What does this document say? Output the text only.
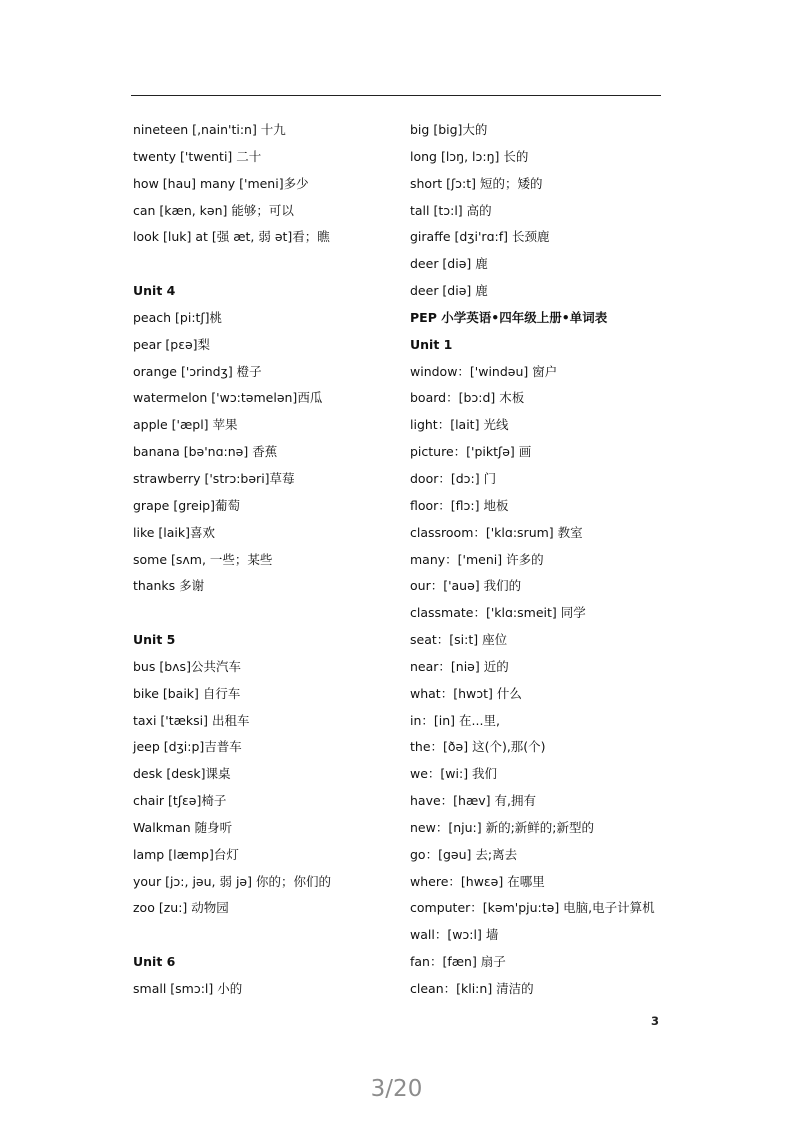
nineteen [,nain'ti:n] 十九
twenty ['twenti] 二十
how [hau] many ['meni]多少
can [kæn, kən] 能够；可以
look [luk] at [强 æt, 弱 ət]看；瞧
Unit 4
peach [pi:tʃ]桃
pear [pɛə]梨
orange ['ɔrindʒ] 橙子
watermelon ['wɔ:təmelən]西瓜
apple ['æpl] 苹果
banana [bə'nɑ:nə] 香蕉
strawberry ['strɔ:bəri]草莓
grape [greip]葡萄
like [laik]喜欢
some [sʌm, 一些；某些
thanks 多谢
Unit 5
bus [bʌs]公共汽车
bike [baik] 自行车
taxi ['tæksi] 出租车
jeep [dʒi:p]吉普车
desk [desk]课桌
chair [tʃɛə]椅子
Walkman 随身听
lamp [læmp]台灯
your [jɔ:, jəu, 弱 jə] 你的；你们的
zoo [zu:] 动物园
Unit 6
small [smɔ:l] 小的
big [big]大的
long [lɔŋ, lɔ:ŋ] 长的
short [ʃɔ:t] 短的；矮的
tall [tɔ:l] 高的
giraffe [dʒi'rɑ:f] 长颈鹿
deer [diə] 鹿
deer [diə] 鹿
PEP 小学英语•四年级上册•单词表
Unit 1
window：['windəu] 窗户
board：[bɔ:d] 木板
light：[lait] 光线
picture：['piktʃə] 画
door：[dɔ:] 门
floor：[flɔ:] 地板
classroom：['klɑ:srum] 教室
many：['meni] 许多的
our：['auə] 我们的
classmate：['klɑ:smeit] 同学
seat：[si:t] 座位
near：[niə] 近的
what：[hwɔt] 什么
in：[in] 在...里,
the：[ðə] 这(个),那(个)
we：[wi:] 我们
have：[hæv] 有,拥有
new：[nju:] 新的;新鲜的;新型的
go：[gəu] 去;离去
where：[hwɛə] 在哪里
computer：[kəm'pju:tə] 电脑,电子计算机
wall：[wɔ:l] 墙
fan：[fæn] 扇子
clean：[kli:n] 清洁的
3
3/20
